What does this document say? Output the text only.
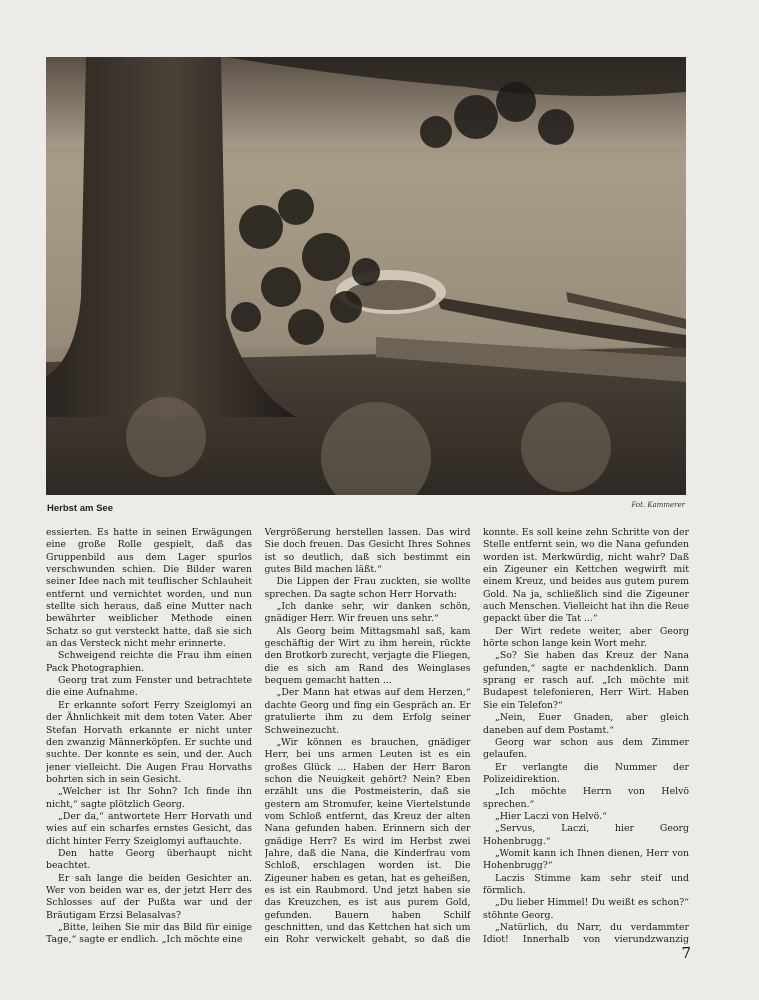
Herbst am See	Fot. Kammerer

essierten. Es hatte in seinen Erwägungen eine große Rolle gespielt, daß das Gruppenbild aus dem Lager spurlos verschwunden schien. Die Bilder waren seiner Idee nach mit teuflischer Schlauheit entfernt und vernichtet worden, und nun stellte sich heraus, daß eine Mutter nach bewährter weiblicher Methode einen Schatz so gut versteckt hatte, daß sie sich an das Versteck nicht mehr erinnerte.

Schweigend reichte die Frau ihm einen Pack Photographien.

Georg trat zum Fenster und betrachtete die eine Aufnahme.

Er erkannte sofort Ferry Szeiglomyi an der Ähnlichkeit mit dem toten Vater. Aber Stefan Horvath erkannte er nicht unter den zwanzig Männerköpfen. Er suchte und suchte. Der konnte es sein, und der. Auch jener vielleicht. Die Augen Frau Horvaths bohrten sich in sein Gesicht.

„Welcher ist Ihr Sohn? Ich finde ihn nicht,“ sagte plötzlich Georg.

„Der da,“ antwortete Herr Horvath und wies auf ein scharfes ernstes Gesicht, das dicht hinter Ferry Szeiglomyi auftauchte.

Den hatte Georg überhaupt nicht beachtet.

Er sah lange die beiden Gesichter an. Wer von beiden war es, der jetzt Herr des Schlosses auf der Pußta war und der Bräutigam Erzsi Belasalvas?

„Bitte, leihen Sie mir das Bild für einige Tage,“ sagte er endlich. „Ich möchte eine

Vergrößerung herstellen lassen. Das wird Sie doch freuen. Das Gesicht Ihres Sohnes ist so deutlich, daß sich bestimmt ein gutes Bild machen läßt.“

Die Lippen der Frau zuckten, sie wollte sprechen. Da sagte schon Herr Horvath:

„Ich danke sehr, wir danken schön, gnädiger Herr. Wir freuen uns sehr.“

Als Georg beim Mittagsmahl saß, kam geschäftig der Wirt zu ihm herein, rückte den Brotkorb zurecht, verjagte die Fliegen, die es sich am Rand des Weinglases bequem gemacht hatten ...

„Der Mann hat etwas auf dem Herzen,“ dachte Georg und fing ein Gespräch an. Er gratulierte ihm zu dem Erfolg seiner Schweinezucht.

„Wir können es brauchen, gnädiger Herr, bei uns armen Leuten ist es ein großes Glück ... Haben der Herr Baron schon die Neuigkeit gehört? Nein? Eben erzählt uns die Postmeisterin, daß sie gestern am Stromufer, keine Viertelstunde vom Schloß entfernt, das Kreuz der alten Nana gefunden haben. Erinnern sich der gnädige Herr? Es wird im Herbst zwei Jahre, daß die Nana, die Kinderfrau vom Schloß, erschlagen worden ist. Die Zigeuner haben es getan, hat es geheißen, es ist ein Raubmord. Und jetzt haben sie das Kreuzchen, es ist aus purem Gold, gefunden. Bauern haben Schilf geschnitten, und das Kettchen hat sich um ein Rohr verwickelt gehabt, so daß die

konnte. Es soll keine zehn Schritte von der Stelle entfernt sein, wo die Nana gefunden worden ist. Merkwürdig, nicht wahr? Daß ein Zigeuner ein Kettchen wegwirft mit einem Kreuz, und beides aus gutem purem Gold. Na ja, schließlich sind die Zigeuner auch Menschen. Vielleicht hat ihn die Reue gepackt über die Tat ...“

Der Wirt redete weiter, aber Georg hörte schon lange kein Wort mehr.

„So? Sie haben das Kreuz der Nana gefunden,“ sagte er nachdenklich. Dann sprang er rasch auf. „Ich möchte mit Budapest telefonieren, Herr Wirt. Haben Sie ein Telefon?“

„Nein, Euer Gnaden, aber gleich daneben auf dem Postamt.“

Georg war schon aus dem Zimmer gelaufen.

Er verlangte die Nummer der Polizeidirektion.

„Ich möchte Herrn von Helvö sprechen.“

„Hier Laczi von Helvö.“

„Servus, Laczi, hier Georg Hohenbrugg.“

„Womit kann ich Ihnen dienen, Herr von Hohenbrugg?“

Laczis Stimme kam sehr steif und förmlich.

„Du lieber Himmel! Du weißt es schon?“ stöhnte Georg.

„Natürlich, du Narr, du verdammter Idiot! Innerhalb von vierundzwanzig

7
